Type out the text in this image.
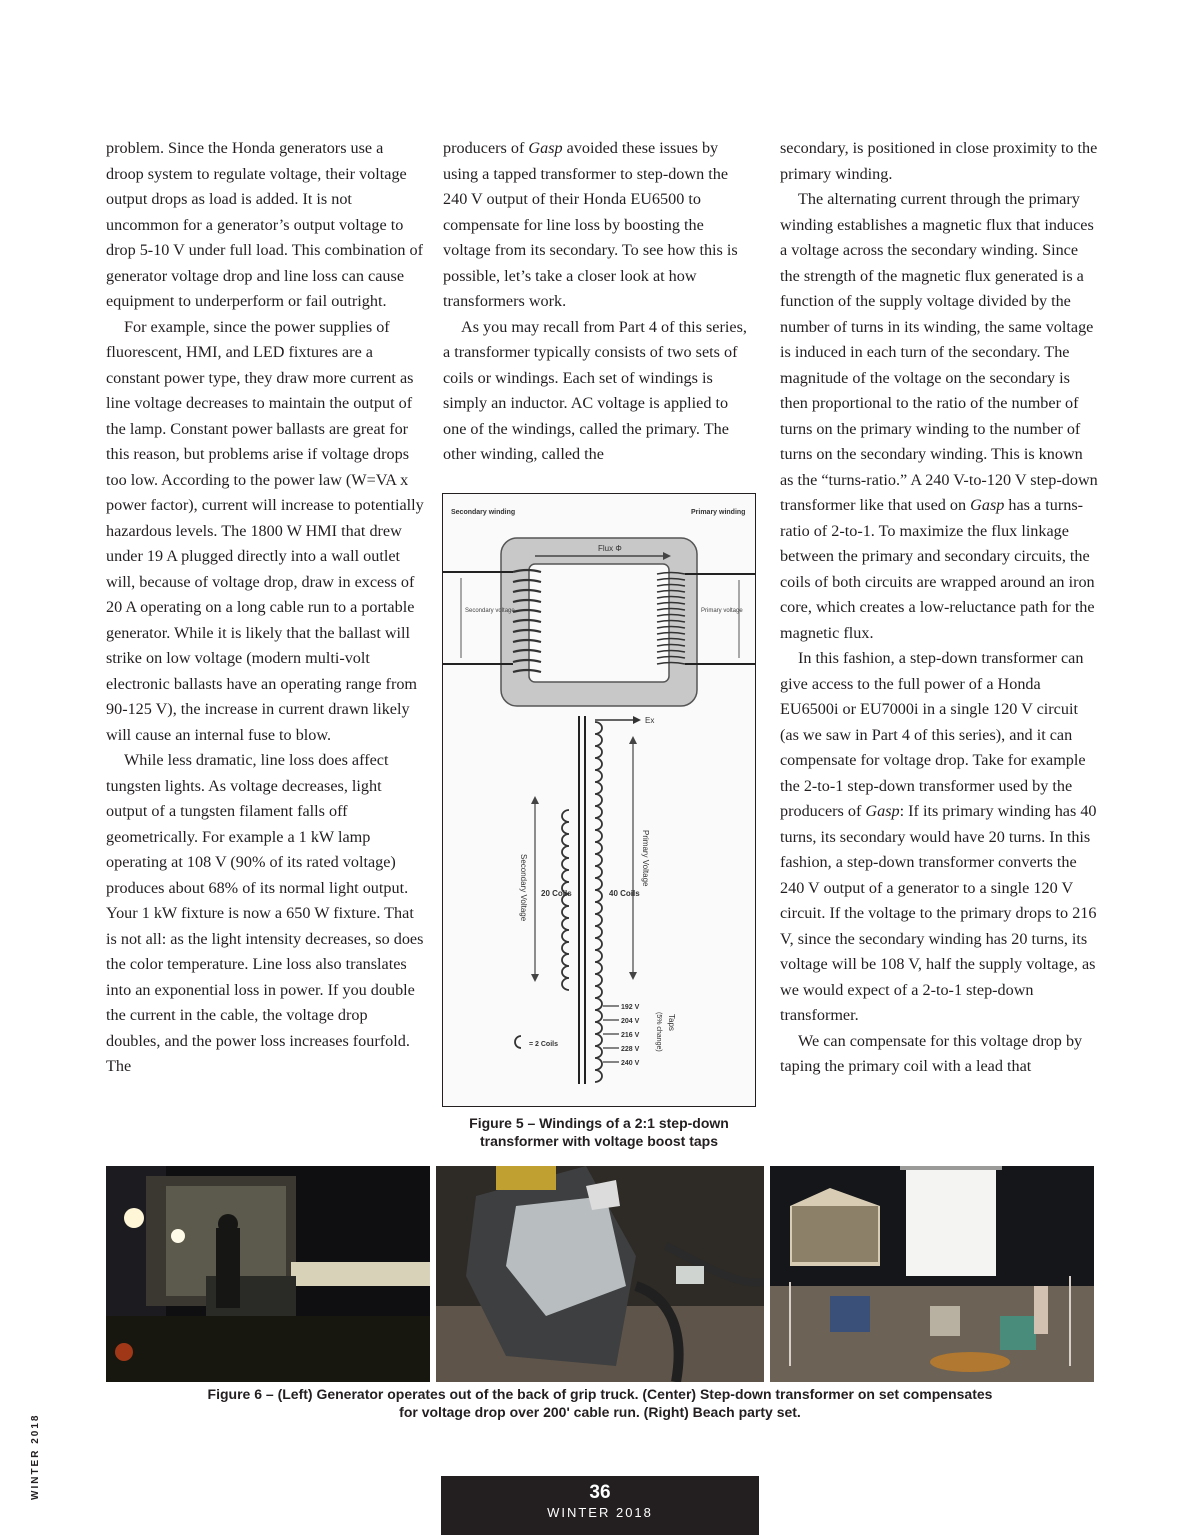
problem. Since the Honda generators use a droop system to regulate voltage, their voltage output drops as load is added. It is not uncommon for a generator’s output voltage to drop 5-10 V under full load. This combination of generator voltage drop and line loss can cause equipment to underperform or fail outright.

For example, since the power supplies of fluorescent, HMI, and LED fixtures are a constant power type, they draw more current as line voltage decreases to maintain the output of the lamp. Constant power ballasts are great for this reason, but problems arise if voltage drops too low. According to the power law (W=VA x power factor), current will increase to potentially hazardous levels. The 1800 W HMI that drew under 19 A plugged directly into a wall outlet will, because of voltage drop, draw in excess of 20 A operating on a long cable run to a portable generator. While it is likely that the ballast will strike on low voltage (modern multi-volt electronic ballasts have an operating range from 90-125 V), the increase in current drawn likely will cause an internal fuse to blow.

While less dramatic, line loss does affect tungsten lights. As voltage decreases, light output of a tungsten filament falls off geometrically. For example a 1 kW lamp operating at 108 V (90% of its rated voltage) produces about 68% of its normal light output. Your 1 kW fixture is now a 650 W fixture. That is not all: as the light intensity decreases, so does the color temperature. Line loss also translates into an exponential loss in power. If you double the current in the cable, the voltage drop doubles, and the power loss increases fourfold. The

producers of Gasp avoided these issues by using a tapped transformer to step-down the 240 V output of their Honda EU6500 to compensate for line loss by boosting the voltage from its secondary. To see how this is possible, let’s take a closer look at how transformers work.

As you may recall from Part 4 of this series, a transformer typically consists of two sets of coils or windings. Each set of windings is simply an inductor. AC voltage is applied to one of the windings, called the primary. The other winding, called the

secondary, is positioned in close proximity to the primary winding.

The alternating current through the primary winding establishes a magnetic flux that induces a voltage across the secondary winding. Since the strength of the magnetic flux generated is a function of the supply voltage divided by the number of turns in its winding, the same voltage is induced in each turn of the secondary. The magnitude of the voltage on the secondary is then proportional to the ratio of the number of turns on the primary winding to the number of turns on the secondary winding. This is known as the “turns-ratio.” A 240 V-to-120 V step-down transformer like that used on Gasp has a turns-ratio of 2-to-1. To maximize the flux linkage between the primary and secondary circuits, the coils of both circuits are wrapped around an iron core, which creates a low-reluctance path for the magnetic flux.

In this fashion, a step-down transformer can give access to the full power of a Honda EU6500i or EU7000i in a single 120 V circuit (as we saw in Part 4 of this series), and it can compensate for voltage drop. Take for example the 2-to-1 step-down transformer used by the producers of Gasp: If its primary winding has 40 turns, its secondary would have 20 turns. In this fashion, a step-down transformer converts the 240 V output of a generator to a single 120 V circuit. If the voltage to the primary drops to 216 V, since the secondary winding has 20 turns, its voltage will be 108 V, half the supply voltage, as we would expect of a 2-to-1 step-down transformer.

We can compensate for this voltage drop by taping the primary coil with a lead that

Flux Φ
Secondary winding	Primary winding
Secondary voltage	Primary voltage
Ex
Primary Voltage
Secondary Voltage 20 Coils	40 Coils
192 V
204 V
216 V
228 V
240 V
Taps
(5% change)
= 2 Coils
Figure 5 – Windings of a 2:1 step-down transformer with voltage boost taps
Figure 6 – (Left) Generator operates out of the back of grip truck. (Center) Step-down transformer on set compensates for voltage drop over 200' cable run. (Right) Beach party set.
WINTER 2018	36
WINTER 2018
